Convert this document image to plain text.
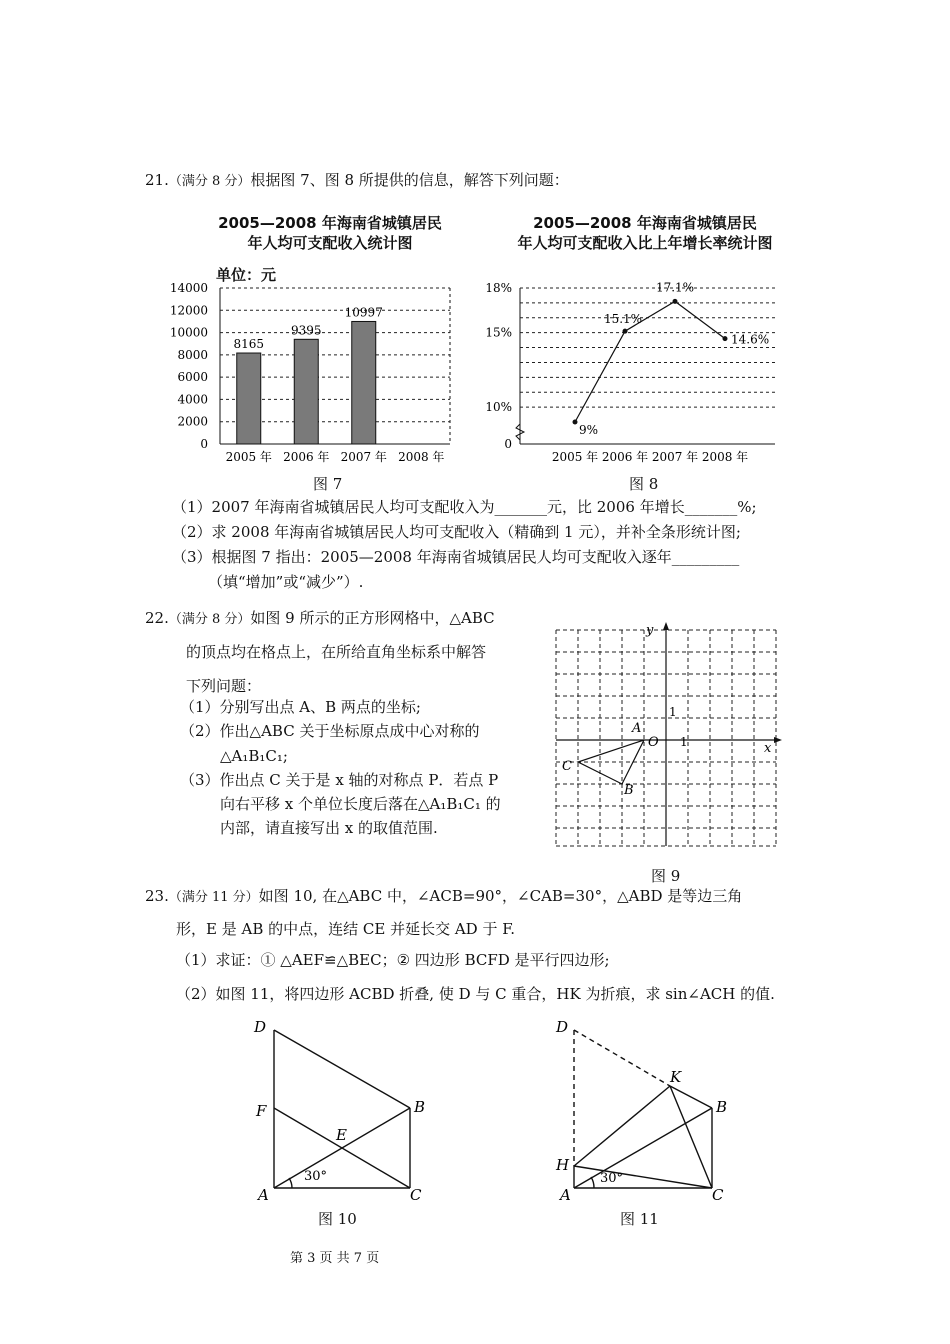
21.（满分 8 分）根据图 7、图 8 所提供的信息，解答下列问题：
2005—2008 年海南省城镇居民
年人均可支配收入统计图
单位：元
2005—2008 年海南省城镇居民
年人均可支配收入比上年增长率统计图
0
2000
4000
6000
8000
10000
12000
14000
2005 年
8165
2006 年
9395
2007 年
10997
2008 年
0
10%
15%
18%
2005 年 2006 年 2007 年 2008 年
9%
15.1%
17.1%
14.6%
图 7	图 8
（1）2007 年海南省城镇居民人均可支配收入为_______元，比 2006 年增长_______%;
（2）求 2008 年海南省城镇居民人均可支配收入（精确到 1 元），并补全条形统计图;
（3）根据图 7 指出：2005—2008 年海南省城镇居民人均可支配收入逐年_________
（填“增加”或“减少”）.
22.（满分 8 分）如图 9 所示的正方形网格中，△ABC
的顶点均在格点上，在所给直角坐标系中解答
下列问题：
（1）分别写出点 A、B 两点的坐标;
（2）作出△ABC 关于坐标原点成中心对称的
△A₁B₁C₁;
（3）作出点 C 关于是 x 轴的对称点 P．若点 P
向右平移 x 个单位长度后落在△A₁B₁C₁ 的
内部，请直接写出 x 的取值范围.
y
x
O
1
1
A
B
C
图 9
23.（满分 11 分）如图 10, 在△ABC 中，∠ACB=90°，∠CAB=30°，△ABD 是等边三角
形，E 是 AB 的中点，连结 CE 并延长交 AD 于 F.
（1）求证：① △AEF≌△BEC；② 四边形 BCFD 是平行四边形;
（2）如图 11，将四边形 ACBD 折叠, 使 D 与 C 重合，HK 为折痕，求 sin∠ACH 的值.
D
F
E
B
A	C
30°
图 10
D
K
B
H
A	C
30°
图 11
第 3 页 共 7 页
